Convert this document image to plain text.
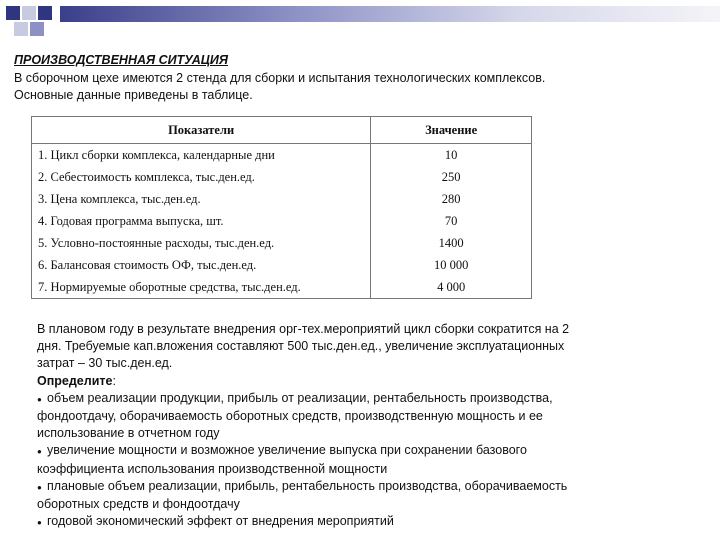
ПРОИЗВОДСТВЕННАЯ СИТУАЦИЯ
В сборочном цехе имеются 2 стенда для сборки и испытания технологических комплексов.
Основные данные приведены в таблице.
Показатели	Значение
1. Цикл сборки комплекса, календарные дни	10
2. Себестоимость комплекса, тыс.ден.ед.	250
3. Цена комплекса, тыс.ден.ед.	280
4. Годовая программа выпуска, шт.	70
5. Условно-постоянные расходы, тыс.ден.ед.	1400
6. Балансовая стоимость ОФ, тыс.ден.ед.	10 000
7. Нормируемые оборотные средства, тыс.ден.ед.	4 000

В плановом году в результате внедрения орг-тех.мероприятий цикл сборки сократится на 2

дня. Требуемые кап.вложения составляют 500 тыс.ден.ед., увеличение эксплуатационных

затрат – 30 тыс.ден.ед.

Определите:

● объем реализации продукции, прибыль от реализации, рентабельность производства,

фондоотдачу, оборачиваемость оборотных средств, производственную мощность и ее

использование в отчетном году

● увеличение мощности и возможное увеличение выпуска при сохранении базового

коэффициента использования производственной мощности

● плановые объем реализации, прибыль, рентабельность производства, оборачиваемость

оборотных средств и фондоотдачу

● годовой экономический эффект от внедрения мероприятий
